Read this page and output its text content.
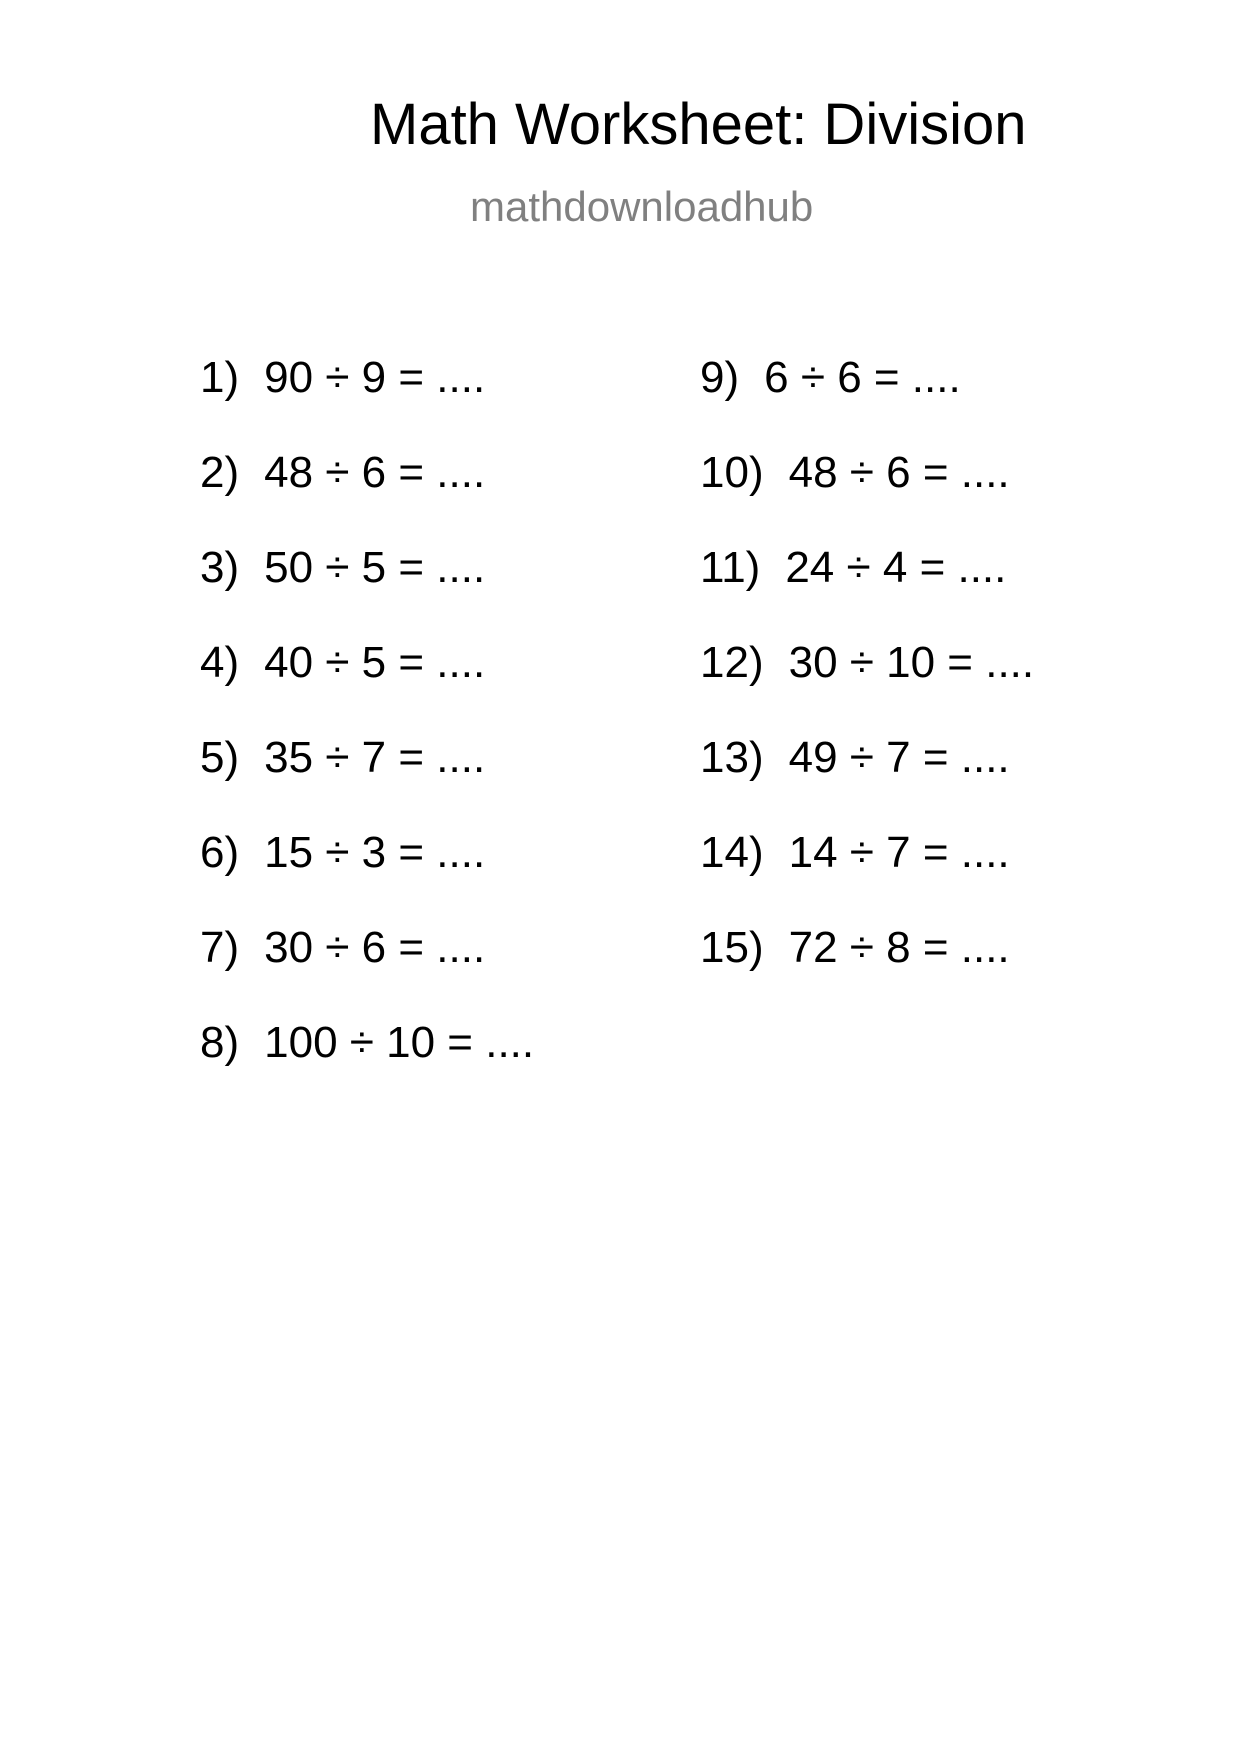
Math Worksheet: Division
mathdownloadhub
1) 90 ÷ 9 = ....
2) 48 ÷ 6 = ....
3) 50 ÷ 5 = ....
4) 40 ÷ 5 = ....
5) 35 ÷ 7 = ....
6) 15 ÷ 3 = ....
7) 30 ÷ 6 = ....
8) 100 ÷ 10 = ....
9) 6 ÷ 6 = ....
10) 48 ÷ 6 = ....
11) 24 ÷ 4 = ....
12) 30 ÷ 10 = ....
13) 49 ÷ 7 = ....
14) 14 ÷ 7 = ....
15) 72 ÷ 8 = ....
